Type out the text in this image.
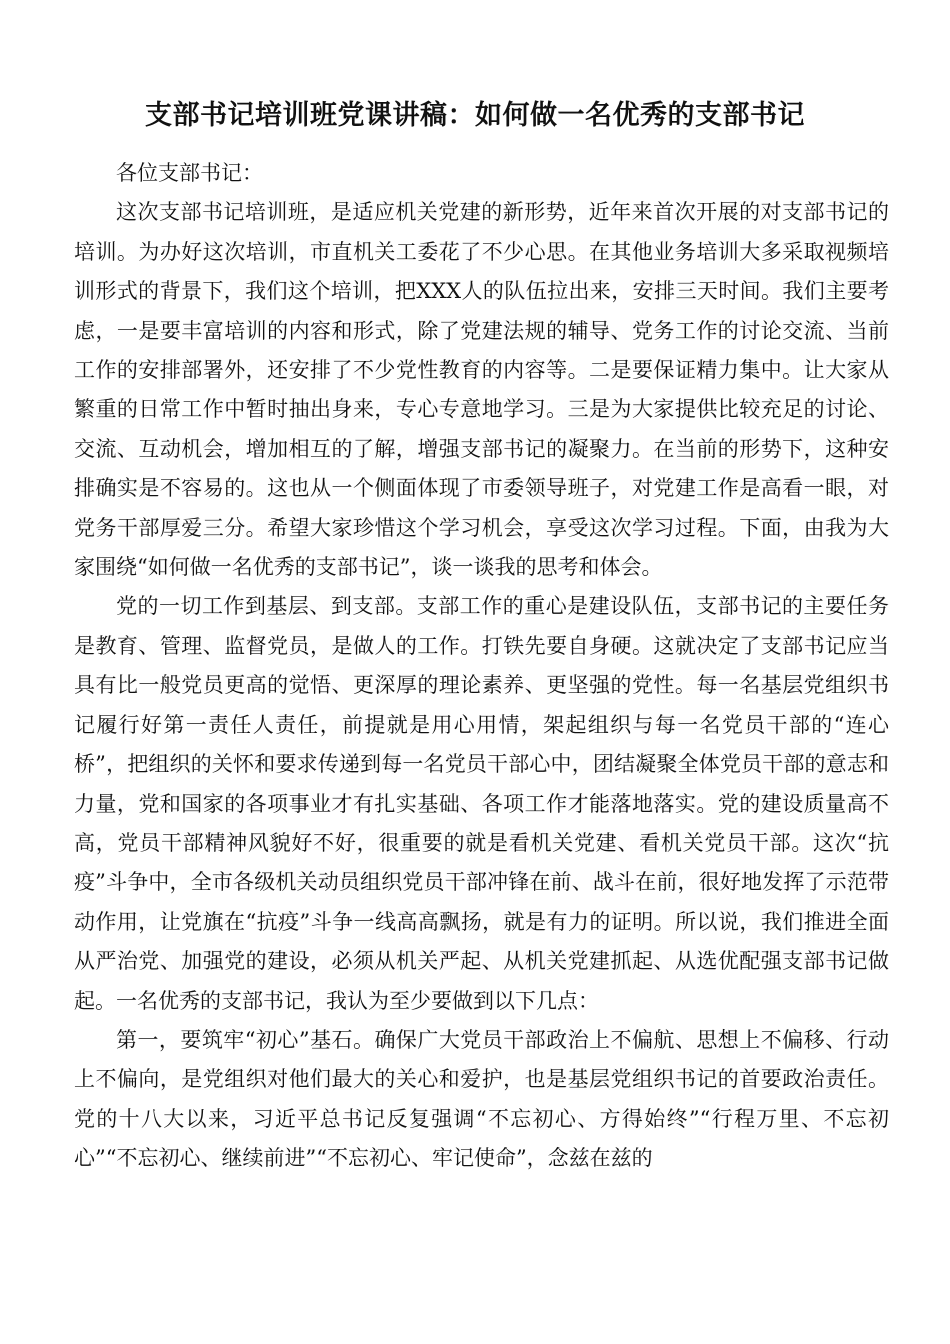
支部书记培训班党课讲稿：如何做一名优秀的支部书记

各位支部书记：

这次支部书记培训班，是适应机关党建的新形势，近年来首次开展的对支部书记的培训。为办好这次培训，市直机关工委花了不少心思。在其他业务培训大多采取视频培训形式的背景下，我们这个培训，把XXX人的队伍拉出来，安排三天时间。我们主要考虑，一是要丰富培训的内容和形式，除了党建法规的辅导、党务工作的讨论交流、当前工作的安排部署外，还安排了不少党性教育的内容等。二是要保证精力集中。让大家从繁重的日常工作中暂时抽出身来，专心专意地学习。三是为大家提供比较充足的讨论、交流、互动机会，增加相互的了解，增强支部书记的凝聚力。在当前的形势下，这种安排确实是不容易的。这也从一个侧面体现了市委领导班子，对党建工作是高看一眼，对党务干部厚爱三分。希望大家珍惜这个学习机会，享受这次学习过程。下面，由我为大家围绕“如何做一名优秀的支部书记”，谈一谈我的思考和体会。

党的一切工作到基层、到支部。支部工作的重心是建设队伍，支部书记的主要任务是教育、管理、监督党员，是做人的工作。打铁先要自身硬。这就决定了支部书记应当具有比一般党员更高的觉悟、更深厚的理论素养、更坚强的党性。每一名基层党组织书记履行好第一责任人责任，前提就是用心用情，架起组织与每一名党员干部的“连心桥”，把组织的关怀和要求传递到每一名党员干部心中，团结凝聚全体党员干部的意志和力量，党和国家的各项事业才有扎实基础、各项工作才能落地落实。党的建设质量高不高，党员干部精神风貌好不好，很重要的就是看机关党建、看机关党员干部。这次“抗疫”斗争中，全市各级机关动员组织党员干部冲锋在前、战斗在前，很好地发挥了示范带动作用，让党旗在“抗疫”斗争一线高高飘扬，就是有力的证明。所以说，我们推进全面从严治党、加强党的建设，必须从机关严起、从机关党建抓起、从选优配强支部书记做起。一名优秀的支部书记，我认为至少要做到以下几点：

第一，要筑牢“初心”基石。确保广大党员干部政治上不偏航、思想上不偏移、行动上不偏向，是党组织对他们最大的关心和爱护，也是基层党组织书记的首要政治责任。党的十八大以来，习近平总书记反复强调“不忘初心、方得始终”“行程万里、不忘初心”“不忘初心、继续前进”“不忘初心、牢记使命”，念兹在兹的
